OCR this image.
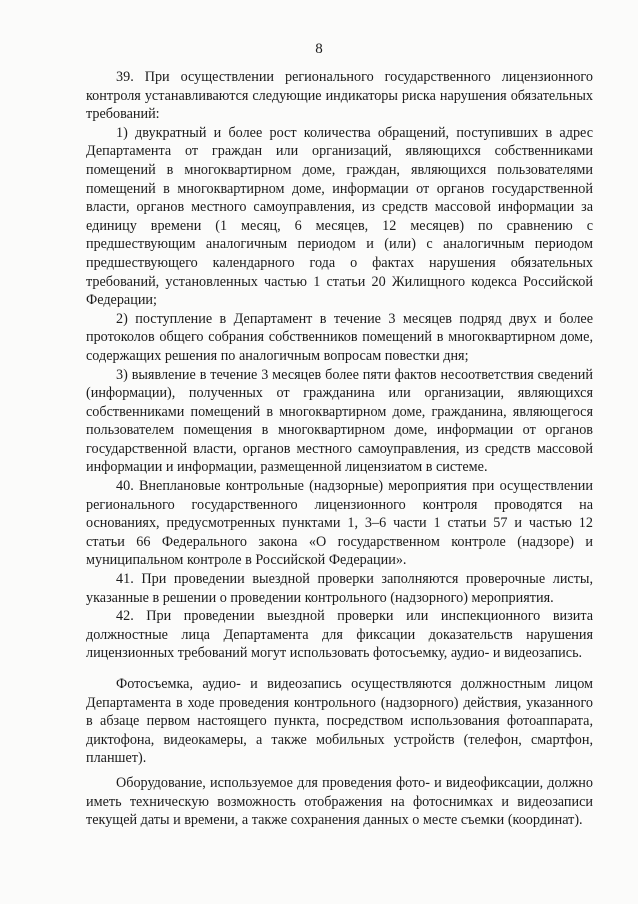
8

39. При осуществлении регионального государственного лицензионного контроля устанавливаются следующие индикаторы риска нарушения обязательных требований:

1) двукратный и более рост количества обращений, поступивших в адрес Департамента от граждан или организаций, являющихся собственниками помещений в многоквартирном доме, граждан, являющихся пользователями помещений в многоквартирном доме, информации от органов государственной власти, органов местного самоуправления, из средств массовой информации за единицу времени (1 месяц, 6 месяцев, 12 месяцев) по сравнению с предшествующим аналогичным периодом и (или) с аналогичным периодом предшествующего календарного года о фактах нарушения обязательных требований, установленных частью 1 статьи 20 Жилищного кодекса Российской Федерации;

2) поступление в Департамент в течение 3 месяцев подряд двух и более протоколов общего собрания собственников помещений в многоквартирном доме, содержащих решения по аналогичным вопросам повестки дня;

3) выявление в течение 3 месяцев более пяти фактов несоответствия сведений (информации), полученных от гражданина или организации, являющихся собственниками помещений в многоквартирном доме, гражданина, являющегося пользователем помещения в многоквартирном доме, информации от органов государственной власти, органов местного самоуправления, из средств массовой информации и информации, размещенной лицензиатом в системе.

40. Внеплановые контрольные (надзорные) мероприятия при осуществлении регионального государственного лицензионного контроля проводятся на основаниях, предусмотренных пунктами 1, 3–6 части 1 статьи 57 и частью 12 статьи 66 Федерального закона «О государственном контроле (надзоре) и муниципальном контроле в Российской Федерации».

41. При проведении выездной проверки заполняются проверочные листы, указанные в решении о проведении контрольного (надзорного) мероприятия.

42. При проведении выездной проверки или инспекционного визита должностные лица Департамента для фиксации доказательств нарушения лицензионных требований могут использовать фотосъемку, аудио- и видеозапись.

Фотосъемка, аудио- и видеозапись осуществляются должностным лицом Департамента в ходе проведения контрольного (надзорного) действия, указанного в абзаце первом настоящего пункта, посредством использования фотоаппарата, диктофона, видеокамеры, а также мобильных устройств (телефон, смартфон, планшет).

Оборудование, используемое для проведения фото- и видеофиксации, должно иметь техническую возможность отображения на фотоснимках и видеозаписи текущей даты и времени, а также сохранения данных о месте съемки (координат).
